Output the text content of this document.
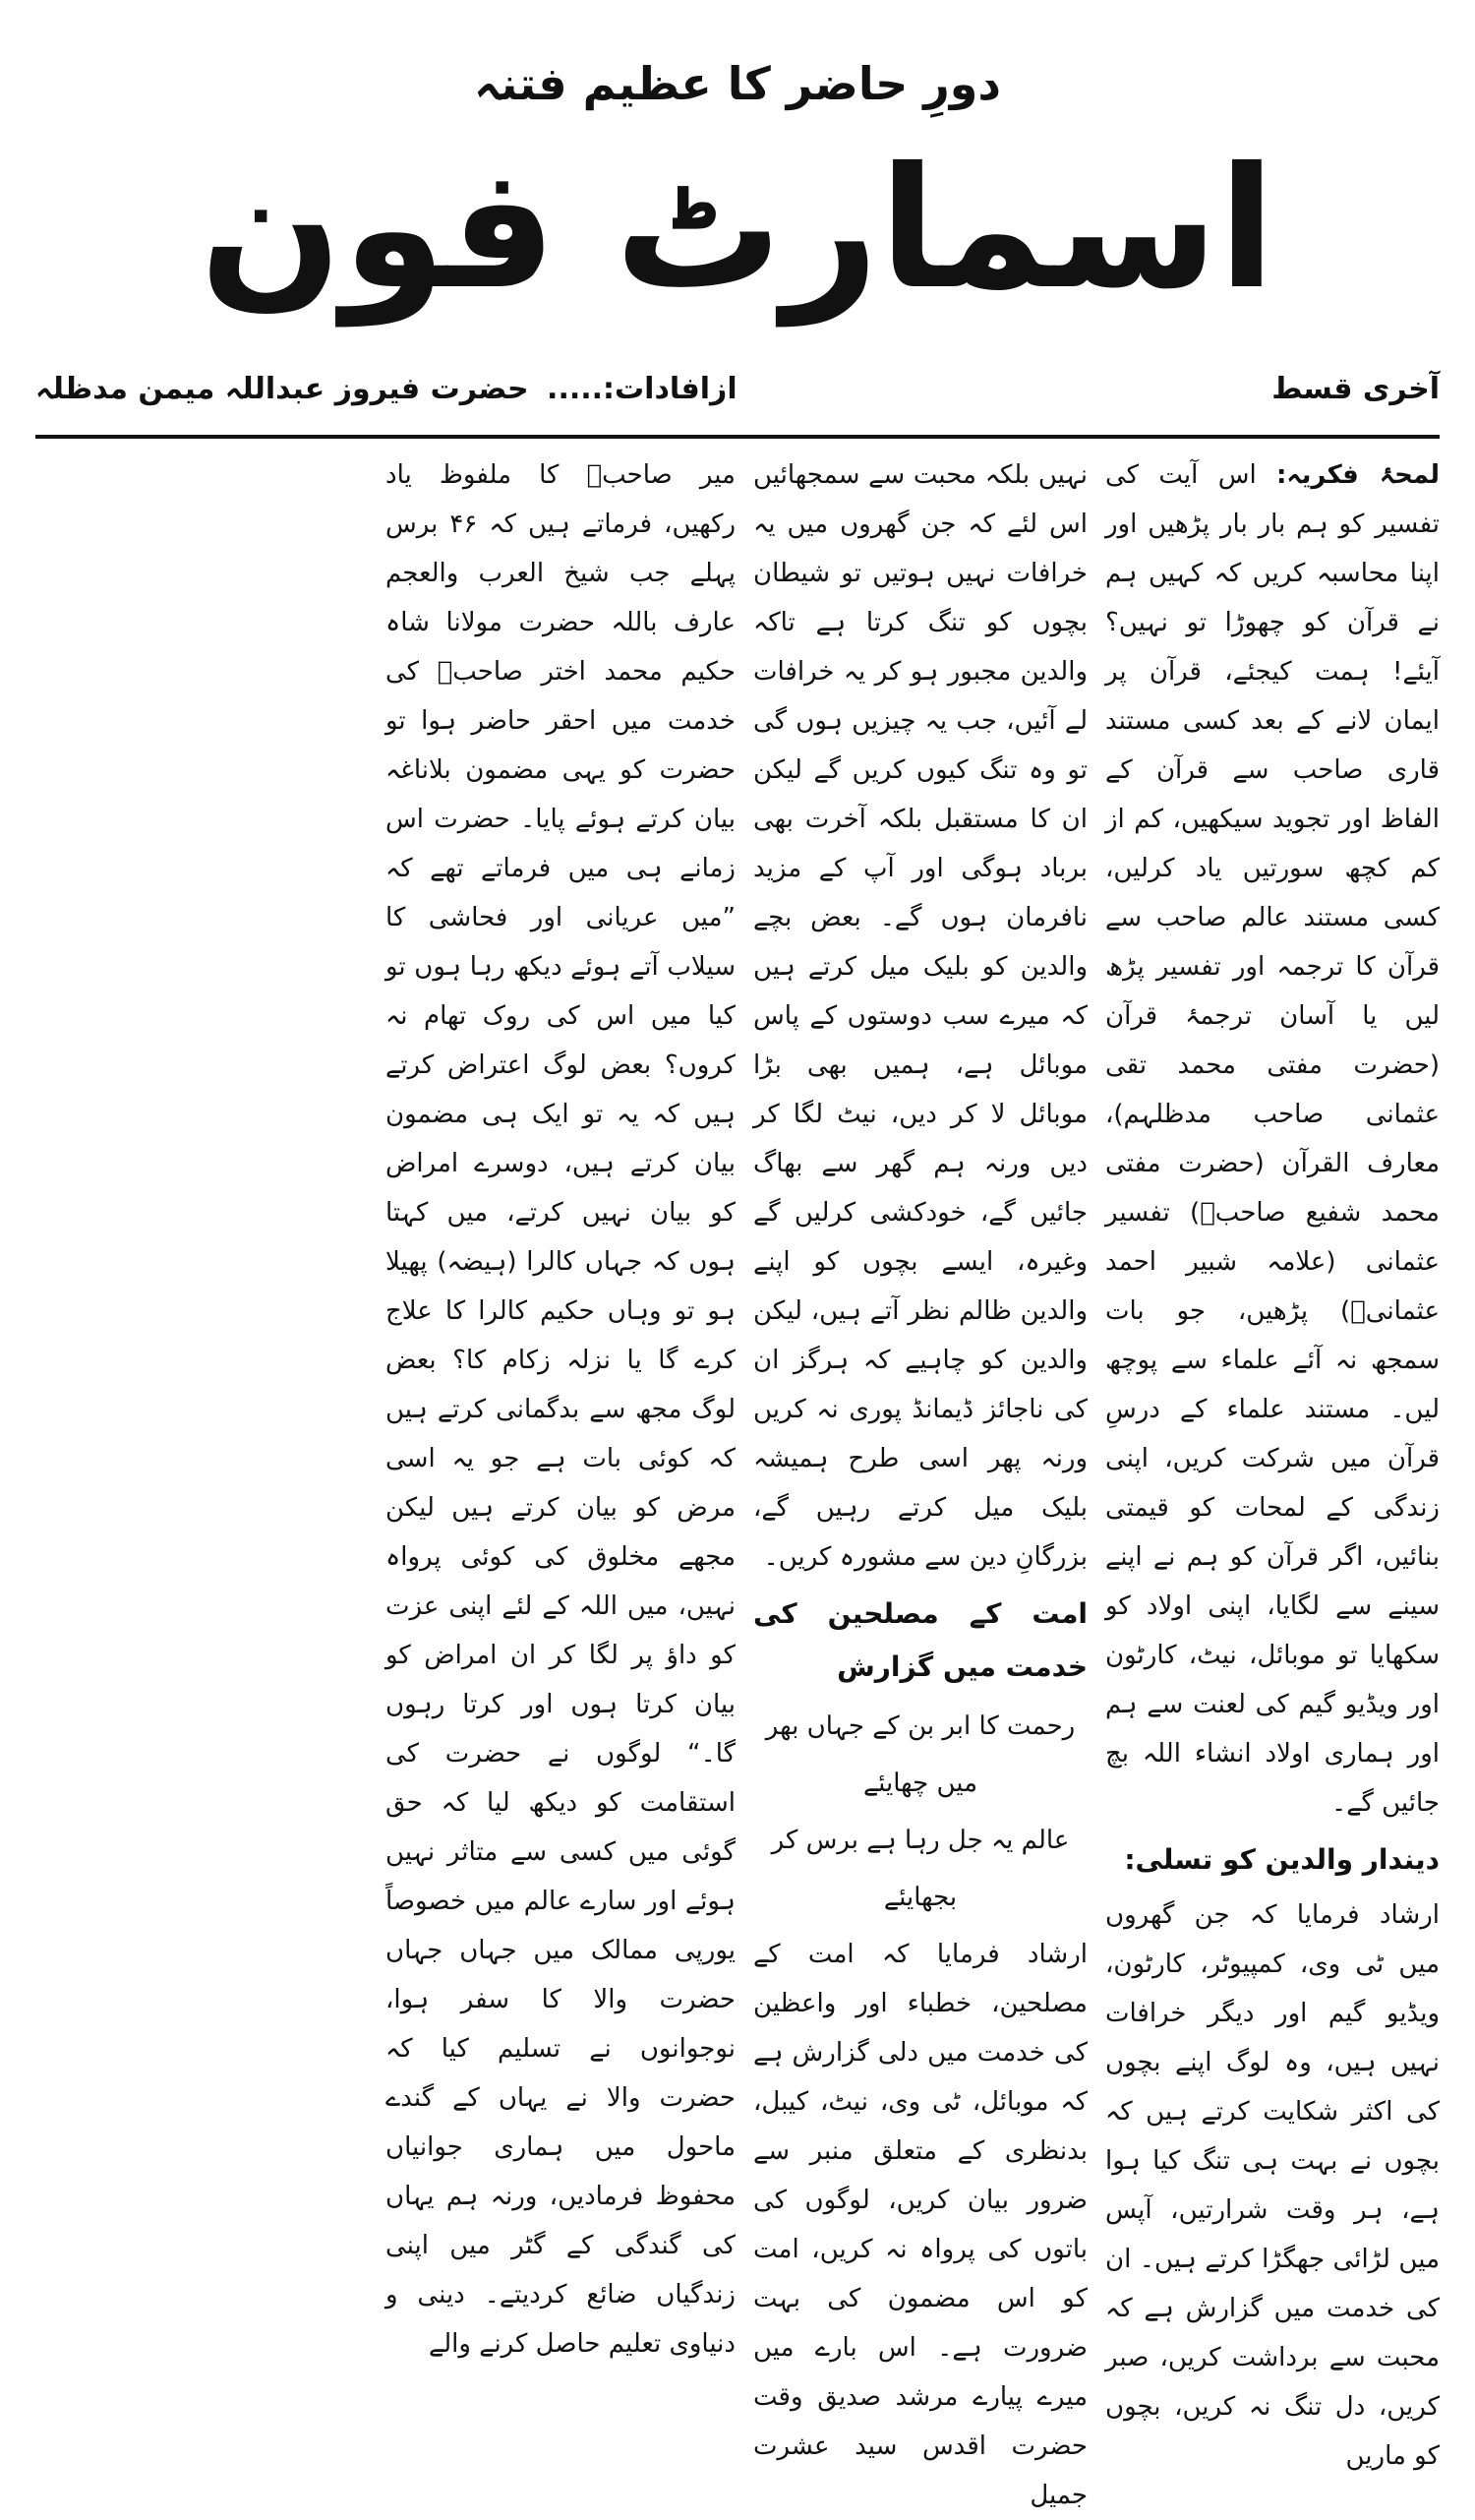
دورِ حاضر کا عظیم فتنہ
اسمارٹ فون
آخری قسط
ازافادات:..... حضرت فیروز عبداللہ میمن مدظلہ

لمحۂ فکریہ: اس آیت کی تفسیر کو ہم بار بار پڑھیں اور اپنا محاسبہ کریں کہ کہیں ہم نے قرآن کو چھوڑا تو نہیں؟ آیئے! ہمت کیجئے، قرآن پر ایمان لانے کے بعد کسی مستند قاری صاحب سے قرآن کے الفاظ اور تجوید سیکھیں، کم از کم کچھ سورتیں یاد کرلیں، کسی مستند عالم صاحب سے قرآن کا ترجمہ اور تفسیر پڑھ لیں یا آسان ترجمۂ قرآن (حضرت مفتی محمد تقی عثمانی صاحب مدظلہم)، معارف القرآن (حضرت مفتی محمد شفیع صاحبؒ) تفسیر عثمانی (علامہ شبیر احمد عثمانیؒ) پڑھیں، جو بات سمجھ نہ آئے علماء سے پوچھ لیں۔ مستند علماء کے درسِ قرآن میں شرکت کریں، اپنی زندگی کے لمحات کو قیمتی بنائیں، اگر قرآن کو ہم نے اپنے سینے سے لگایا، اپنی اولاد کو سکھایا تو موبائل، نیٹ، کارٹون اور ویڈیو گیم کی لعنت سے ہم اور ہماری اولاد انشاء اللہ بچ جائیں گے۔

دیندار والدین کو تسلی:

ارشاد فرمایا کہ جن گھروں میں ٹی وی، کمپیوٹر، کارٹون، ویڈیو گیم اور دیگر خرافات نہیں ہیں، وہ لوگ اپنے بچوں کی اکثر شکایت کرتے ہیں کہ بچوں نے بہت ہی تنگ کیا ہوا ہے، ہر وقت شرارتیں، آپس میں لڑائی جھگڑا کرتے ہیں۔ ان کی خدمت میں گزارش ہے کہ محبت سے برداشت کریں، صبر کریں، دل تنگ نہ کریں، بچوں کو ماریں

نہیں بلکہ محبت سے سمجھائیں اس لئے کہ جن گھروں میں یہ خرافات نہیں ہوتیں تو شیطان بچوں کو تنگ کرتا ہے تاکہ والدین مجبور ہو کر یہ خرافات لے آئیں، جب یہ چیزیں ہوں گی تو وہ تنگ کیوں کریں گے لیکن ان کا مستقبل بلکہ آخرت بھی برباد ہوگی اور آپ کے مزید نافرمان ہوں گے۔ بعض بچے والدین کو بلیک میل کرتے ہیں کہ میرے سب دوستوں کے پاس موبائل ہے، ہمیں بھی بڑا موبائل لا کر دیں، نیٹ لگا کر دیں ورنہ ہم گھر سے بھاگ جائیں گے، خودکشی کرلیں گے وغیرہ، ایسے بچوں کو اپنے والدین ظالم نظر آتے ہیں، لیکن والدین کو چاہیے کہ ہرگز ان کی ناجائز ڈیمانڈ پوری نہ کریں ورنہ پھر اسی طرح ہمیشہ بلیک میل کرتے رہیں گے، بزرگانِ دین سے مشورہ کریں۔

امت کے مصلحین کی خدمت میں گزارش

رحمت کا ابر بن کے جہاں بھر میں چھایئے

عالم یہ جل رہا ہے برس کر بجھایئے

ارشاد فرمایا کہ امت کے مصلحین، خطباء اور واعظین کی خدمت میں دلی گزارش ہے کہ موبائل، ٹی وی، نیٹ، کیبل، بدنظری کے متعلق منبر سے ضرور بیان کریں، لوگوں کی باتوں کی پرواہ نہ کریں، امت کو اس مضمون کی بہت ضرورت ہے۔ اس بارے میں میرے پیارے مرشد صدیق وقت حضرت اقدس سید عشرت جمیل

میر صاحبؒ کا ملفوظ یاد رکھیں، فرماتے ہیں کہ ۴۶ برس پہلے جب شیخ العرب والعجم عارف باللہ حضرت مولانا شاہ حکیم محمد اختر صاحبؒ کی خدمت میں احقر حاضر ہوا تو حضرت کو یہی مضمون بلاناغہ بیان کرتے ہوئے پایا۔ حضرت اس زمانے ہی میں فرماتے تھے کہ ”میں عریانی اور فحاشی کا سیلاب آتے ہوئے دیکھ رہا ہوں تو کیا میں اس کی روک تھام نہ کروں؟ بعض لوگ اعتراض کرتے ہیں کہ یہ تو ایک ہی مضمون بیان کرتے ہیں، دوسرے امراض کو بیان نہیں کرتے، میں کہتا ہوں کہ جہاں کالرا (ہیضہ) پھیلا ہو تو وہاں حکیم کالرا کا علاج کرے گا یا نزلہ زکام کا؟ بعض لوگ مجھ سے بدگمانی کرتے ہیں کہ کوئی بات ہے جو یہ اسی مرض کو بیان کرتے ہیں لیکن مجھے مخلوق کی کوئی پرواہ نہیں، میں اللہ کے لئے اپنی عزت کو داؤ پر لگا کر ان امراض کو بیان کرتا ہوں اور کرتا رہوں گا۔“ لوگوں نے حضرت کی استقامت کو دیکھ لیا کہ حق گوئی میں کسی سے متاثر نہیں ہوئے اور سارے عالم میں خصوصاً یورپی ممالک میں جہاں جہاں حضرت والا کا سفر ہوا، نوجوانوں نے تسلیم کیا کہ حضرت والا نے یہاں کے گندے ماحول میں ہماری جوانیاں محفوظ فرمادیں، ورنہ ہم یہاں کی گندگی کے گٹر میں اپنی زندگیاں ضائع کردیتے۔ دینی و دنیاوی تعلیم حاصل کرنے والے
